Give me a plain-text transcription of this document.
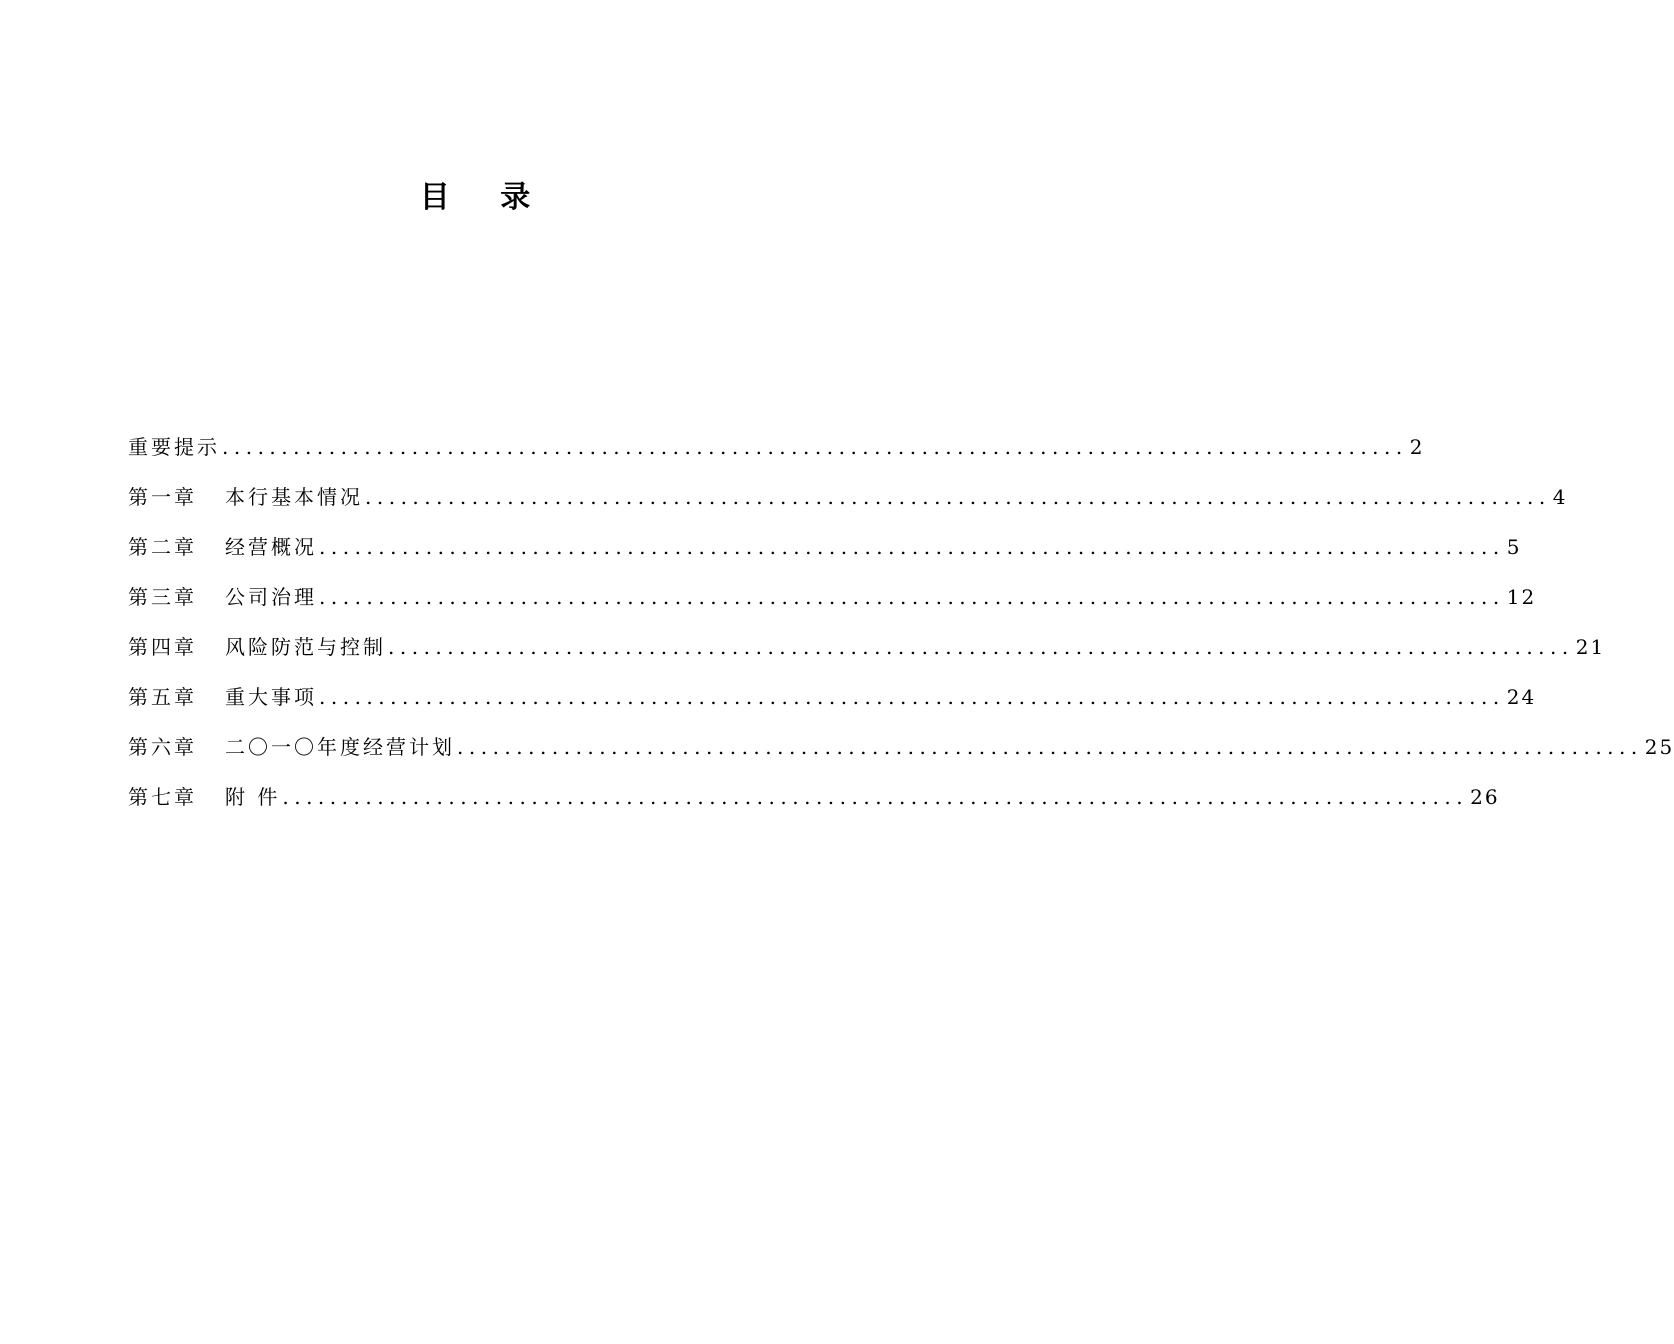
目 录
重要提示 .................................................................................................... 2
第一章	本行基本情况 .................................................................................................... 4
第二章	经营概况 .................................................................................................... 5
第三章	公司治理 .................................................................................................... 12
第四章	风险防范与控制 .................................................................................................... 21
第五章	重大事项 .................................................................................................... 24
第六章	二〇一〇年度经营计划 .................................................................................................... 25
第七章	附 件 .................................................................................................... 26
